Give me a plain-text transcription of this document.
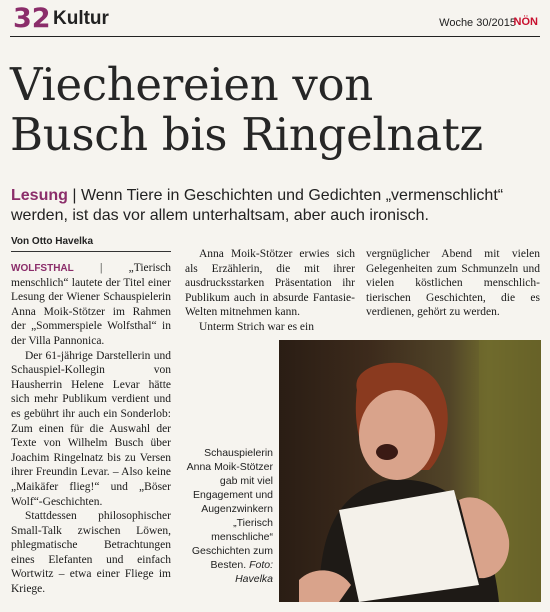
32 Kultur	Woche 30/2015
NÖN
Viechereien von
Busch bis Ringelnatz
Lesung | Wenn Tiere in Geschichten und Gedichten „vermenschlicht“ werden, ist das vor allem unterhaltsam, aber auch ironisch.
Von Otto Havelka

WOLFSTHAL | „Tierisch menschlich“ lautete der Titel einer Lesung der Wiener Schauspielerin Anna Moik-Stötzer im Rahmen der „Sommerspiele Wolfsthal“ in der Villa Pannonica.

Der 61-jährige Darstellerin und Schauspiel-Kollegin von Hausherrin Helene Levar hätte sich mehr Publikum verdient und es gebührt ihr auch ein Sonderlob: Zum einen für die Auswahl der Texte von Wilhelm Busch über Joachim Ringelnatz bis zu Versen ihrer Freundin Levar. – Also keine „Maikäfer flieg!“ und „Böser Wolf“-Geschichten.

Stattdessen philosophischer Small-Talk zwischen Löwen, phlegmatische Betrachtungen eines Elefanten und einfach Wortwitz – etwa einer Fliege im Kriege.

Anna Moik-Stötzer erwies sich als Erzählerin, die mit ihrer ausdrucksstarken Präsentation ihr Publikum auch in absurde Fantasie-Welten mitnehmen kann.

Unterm Strich war es ein

vergnüglicher Abend mit vielen Gelegenheiten zum Schmunzeln und vielen köstlichen menschlich-tierischen Geschichten, die es verdienen, gehört zu werden.

Schauspielerin Anna Moik-Stötzer gab mit viel Engagement und Augenzwinkern „Tierisch menschliche“ Geschichten zum Besten. Foto: Havelka
